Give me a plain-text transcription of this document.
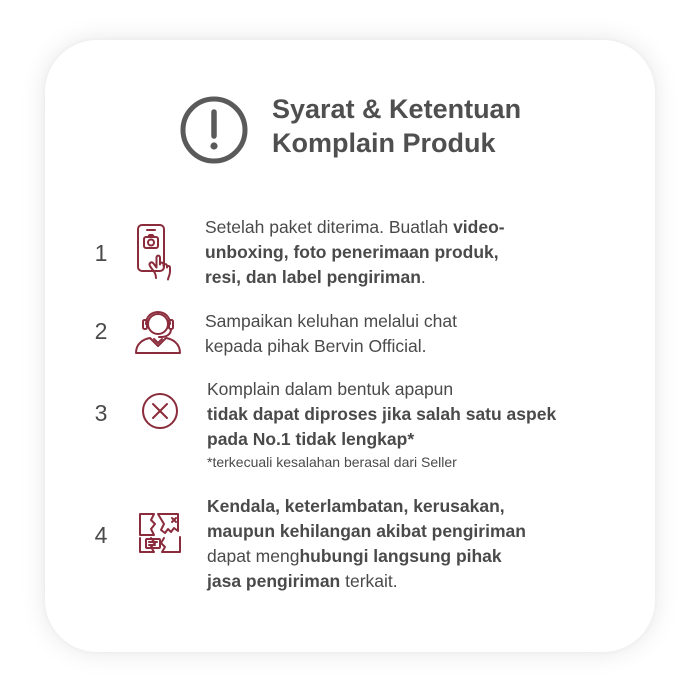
Syarat & Ketentuan
Komplain Produk
1
Setelah paket diterima. Buatlah video-
unboxing, foto penerimaan produk,
resi, dan label pengiriman.
2	Sampaikan keluhan melalui chat
kepada pihak Bervin Official.
3
Komplain dalam bentuk apapun
tidak dapat diproses jika salah satu aspek
pada No.1 tidak lengkap*
*terkecuali kesalahan berasal dari Seller
4
Kendala, keterlambatan, kerusakan,
maupun kehilangan akibat pengiriman
dapat menghubungi langsung pihak
jasa pengiriman terkait.
